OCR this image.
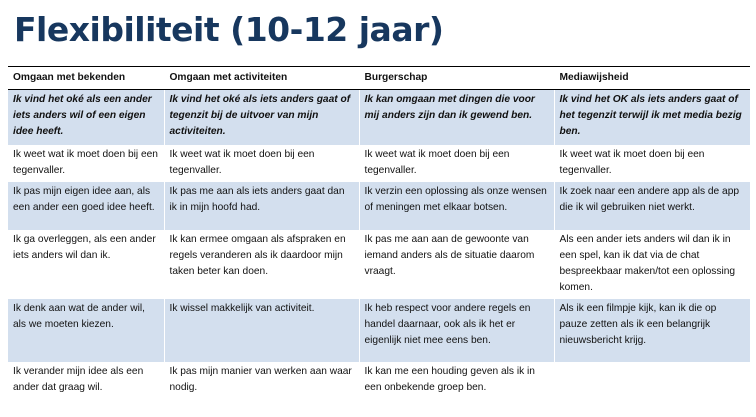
Flexibiliteit (10-12 jaar)
Omgaan met bekenden	Omgaan met activiteiten	Burgerschap	Mediawijsheid
Ik vind het oké als een ander iets anders wil of een eigen idee heeft.	Ik vind het oké als iets anders gaat of tegenzit bij de uitvoer van mijn activiteiten.	Ik kan omgaan met dingen die voor mij anders zijn dan ik gewend ben.	Ik vind het OK als iets anders gaat of het tegenzit terwijl ik met media bezig ben.
Ik weet wat ik moet doen bij een tegenvaller.	Ik weet wat ik moet doen bij een tegenvaller.	Ik weet wat ik moet doen bij een tegenvaller.	Ik weet wat ik moet doen bij een tegenvaller.
Ik pas mijn eigen idee aan, als een ander een goed idee heeft.	Ik pas me aan als iets anders gaat dan ik in mijn hoofd had.	Ik verzin een oplossing als onze wensen of meningen met elkaar botsen.	Ik zoek naar een andere app als de app die ik wil gebruiken niet werkt.
Ik ga overleggen, als een ander iets anders wil dan ik.	Ik kan ermee omgaan als afspraken en regels veranderen als ik daardoor mijn taken beter kan doen.	Ik pas me aan aan de gewoonte van iemand anders als de situatie daarom vraagt.	Als een ander iets anders wil dan ik in een spel, kan ik dat via de chat bespreekbaar maken/tot een oplossing komen.
Ik denk aan wat de ander wil, als we moeten kiezen.	Ik wissel makkelijk van activiteit.	Ik heb respect voor andere regels en handel daarnaar, ook als ik het er eigenlijk niet mee eens ben.	Als ik een filmpje kijk, kan ik die op pauze zetten als ik een belangrijk nieuwsbericht krijg.
Ik verander mijn idee als een ander dat graag wil.	Ik pas mijn manier van werken aan waar nodig.	Ik kan me een houding geven als ik in een onbekende groep ben.	
